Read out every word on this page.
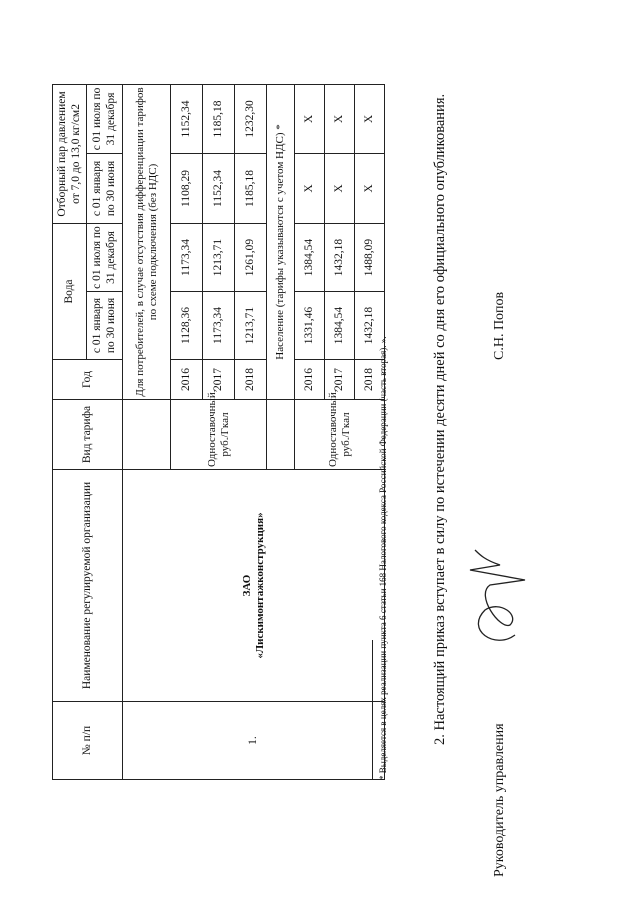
№ п/п	Наименование регулируемой организации	Вид тарифа	Год	Вода		Отборный пар давлением от 7,0 до 13,0 кг/см2	
				с 01 января по 30 июня	с 01 июля по 31 декабря	с 01 января по 30 июня	с 01 июля по 31 декабря
1.	ЗАО «Лискимонтажконструкция»		Для потребителей, в случае отсутствия дифференциации тарифов по схеме подключения (без НДС)				
		Одноставочный, руб./Гкал	2016	1128,36	1173,34	1108,29	1152,34
			2017	1173,34	1213,71	1152,34	1185,18
			2018	1213,71	1261,09	1185,18	1232,30
			Население (тарифы указываются с учетом НДС) *				
		Одноставочный, руб./Гкал	2016	1331,46	1384,54	X	X
			2017	1384,54	1432,18	X	X
			2018	1432,18	1488,09	X	X
* Выделяется в целях реализации пункта 6 статьи 168 Налогового кодекса Российской Федерации (часть вторая). ».	2. Настоящий приказ вступает в силу по истечении десяти дней со дня его официального опубликования.
Руководитель управления
С.Н. Попов
